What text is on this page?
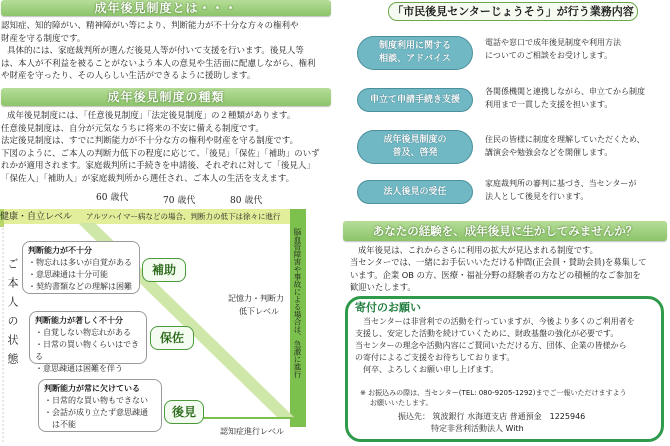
成年後見制度とは・・・
認知症、知的障がい、精神障がい等により、判断能力が不十分な方々の権利や
財産を守る制度です。
具体的には、家庭裁判所が選んだ後見人等が付いて支援を行います。後見人等
は、本人が不利益を被ることがないよう本人の意見や生活面に配慮しながら、権利
や財産を守ったり、その人らしい生活ができるように援助します。
成年後見制度の種類
成年後見制度には、「任意後見制度」「法定後見制度」の２種類があります。
任意後見制度は、自分が元気なうちに将来の不安に備える制度です。
法定後見制度は、すでに判断能力が不十分な方の権利や財産を守る制度です。
下図のように、ご本人の判断力低下の程度に応じて、「後見」「保佐」「補助」のいず
れかが適用されます。家庭裁判所に手続きを申請後、それぞれに対して「後見人」
「保佐人」「補助人」が家庭裁判所から選任され、ご本人の生活を支えます。
60 歳代	70 歳代	80 歳代
健康・自立レベル アルツハイマー病などの場合、判断力の低下は徐々に進行
ご本人の状態	脳血管障害や事故による場合は、急激に進行
記憶力・判断力
低下レベル
認知症進行レベル
判断能力が不十分
・物忘れは多いが自覚がある
・意思疎通は十分可能
・契約書類などの理解は困難
補助
判断能力が著しく不十分
・自覚しない物忘れがある
・日常の買い物くらいはできる
・意思疎通は困難を伴う
保佐
判断能力が常に欠けている
・日常的な買い物もできない
・会話が成り立たず意思疎通
　は不能
後見
「市民後見センターじょうそう」が行う業務内容
制度利用に関する
相談、アドバイス
電話や窓口で成年後見制度や利用方法
についてのご相談をお受けします。
申立て申請手続き支援
各関係機関と連携しながら、申立てから制度
利用まで一貫した支援を担います。
成年後見制度の
普及、啓発
住民の皆様に制度を理解していただくため、
講演会や勉強会などを開催します。
法人後見の受任
家庭裁判所の審判に基づき、当センターが
法人として後見を行います。
あなたの経験を、成年後見に生かしてみませんか？
成年後見は、これからさらに利用の拡大が見込まれる制度です。
当センターでは、一緒にお手伝いいただける仲間(正会員・賛助会員)を募集して
います。企業 OB の方、医療・福祉分野の経験者の方などの積極的なご参加を
歓迎いたします。
寄付のお願い
当センターは非営利での活動を行っていますが、今後より多くのご利用者を
支援し、安定した活動を続けていくために、財政基盤の強化が必要です。
当センターの理念や活動内容にご賛同いただける方、団体、企業の皆様から
の寄付によるご支援をお待ちしております。
何卒、よろしくお願い申し上げます。
※ お振込みの際は、当センター(TEL: 080-9205-1292)までご一報いただけますよう
お願いいたします。
振込先： 筑波銀行 水海道支店 普通預金　1225946
特定非営利活動法人 With
